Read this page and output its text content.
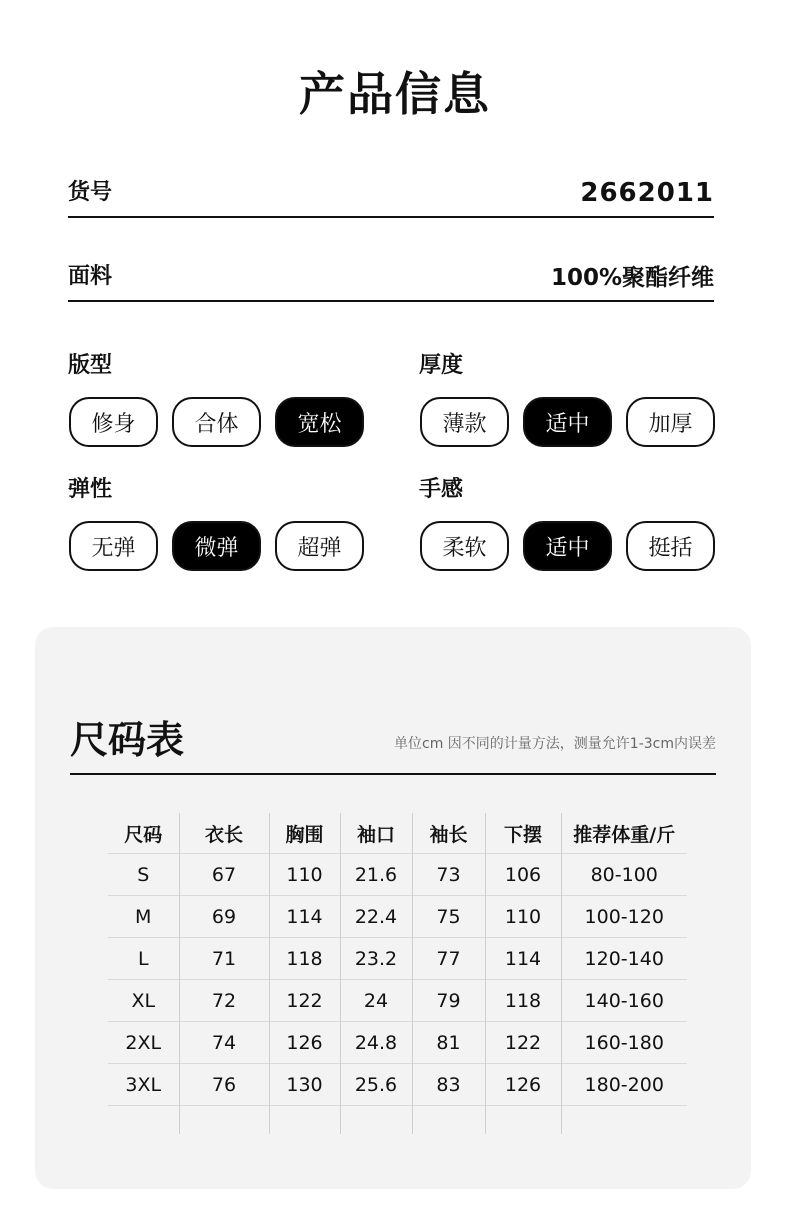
产品信息
货号	2662011
面料	100%聚酯纤维
版型
修身	合体	宽松
厚度
薄款	适中	加厚
弹性
无弹	微弹	超弹
手感
柔软	适中	挺括
尺码表	单位cm 因不同的计量方法，测量允许1-3cm内误差
尺码	衣长	胸围	袖口	袖长	下摆	推荐体重/斤
S	67	110	21.6	73	106	80-100
M	69	114	22.4	75	110	100-120
L	71	118	23.2	77	114	120-140
XL	72	122	24	79	118	140-160
2XL	74	126	24.8	81	122	160-180
3XL	76	130	25.6	83	126	180-200
